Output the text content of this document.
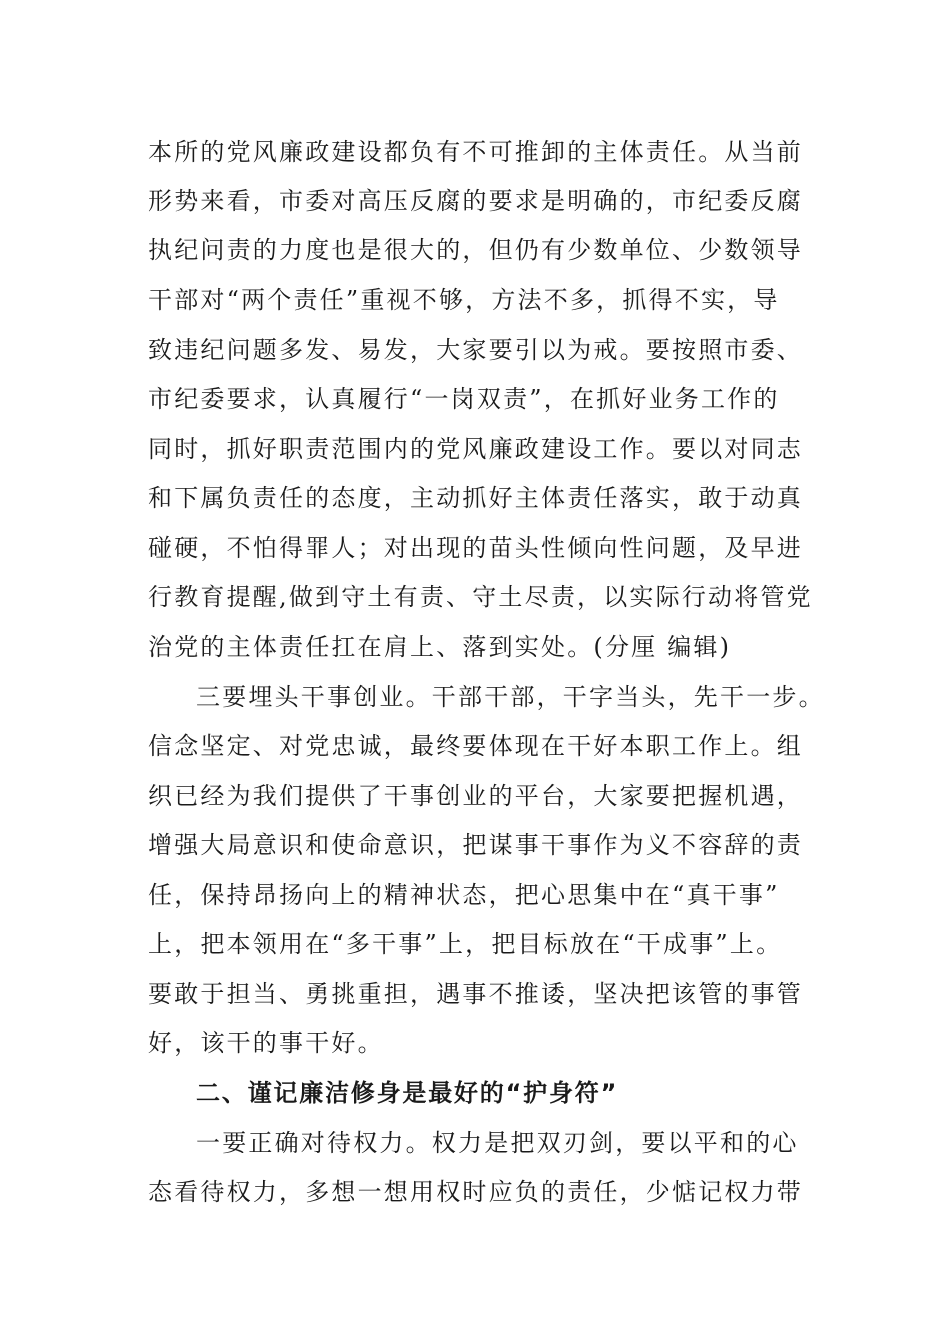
本所的党风廉政建设都负有不可推卸的主体责任。从当前
形势来看，市委对高压反腐的要求是明确的，市纪委反腐
执纪问责的力度也是很大的，但仍有少数单位、少数领导
干部对“两个责任”重视不够，方法不多，抓得不实，导
致违纪问题多发、易发，大家要引以为戒。要按照市委、
市纪委要求，认真履行“一岗双责”，在抓好业务工作的
同时，抓好职责范围内的党风廉政建设工作。要以对同志
和下属负责任的态度，主动抓好主体责任落实，敢于动真
碰硬，不怕得罪人；对出现的苗头性倾向性问题，及早进
行教育提醒,做到守土有责、守土尽责，以实际行动将管党
治党的主体责任扛在肩上、落到实处。(分厘 编辑)
三要埋头干事创业。干部干部，干字当头，先干一步。
信念坚定、对党忠诚，最终要体现在干好本职工作上。组
织已经为我们提供了干事创业的平台，大家要把握机遇，
增强大局意识和使命意识，把谋事干事作为义不容辞的责
任，保持昂扬向上的精神状态，把心思集中在“真干事”
上，把本领用在“多干事”上，把目标放在“干成事”上。
要敢于担当、勇挑重担，遇事不推诿，坚决把该管的事管
好，该干的事干好。
二、谨记廉洁修身是最好的“护身符”
一要正确对待权力。权力是把双刃剑，要以平和的心
态看待权力，多想一想用权时应负的责任，少惦记权力带
